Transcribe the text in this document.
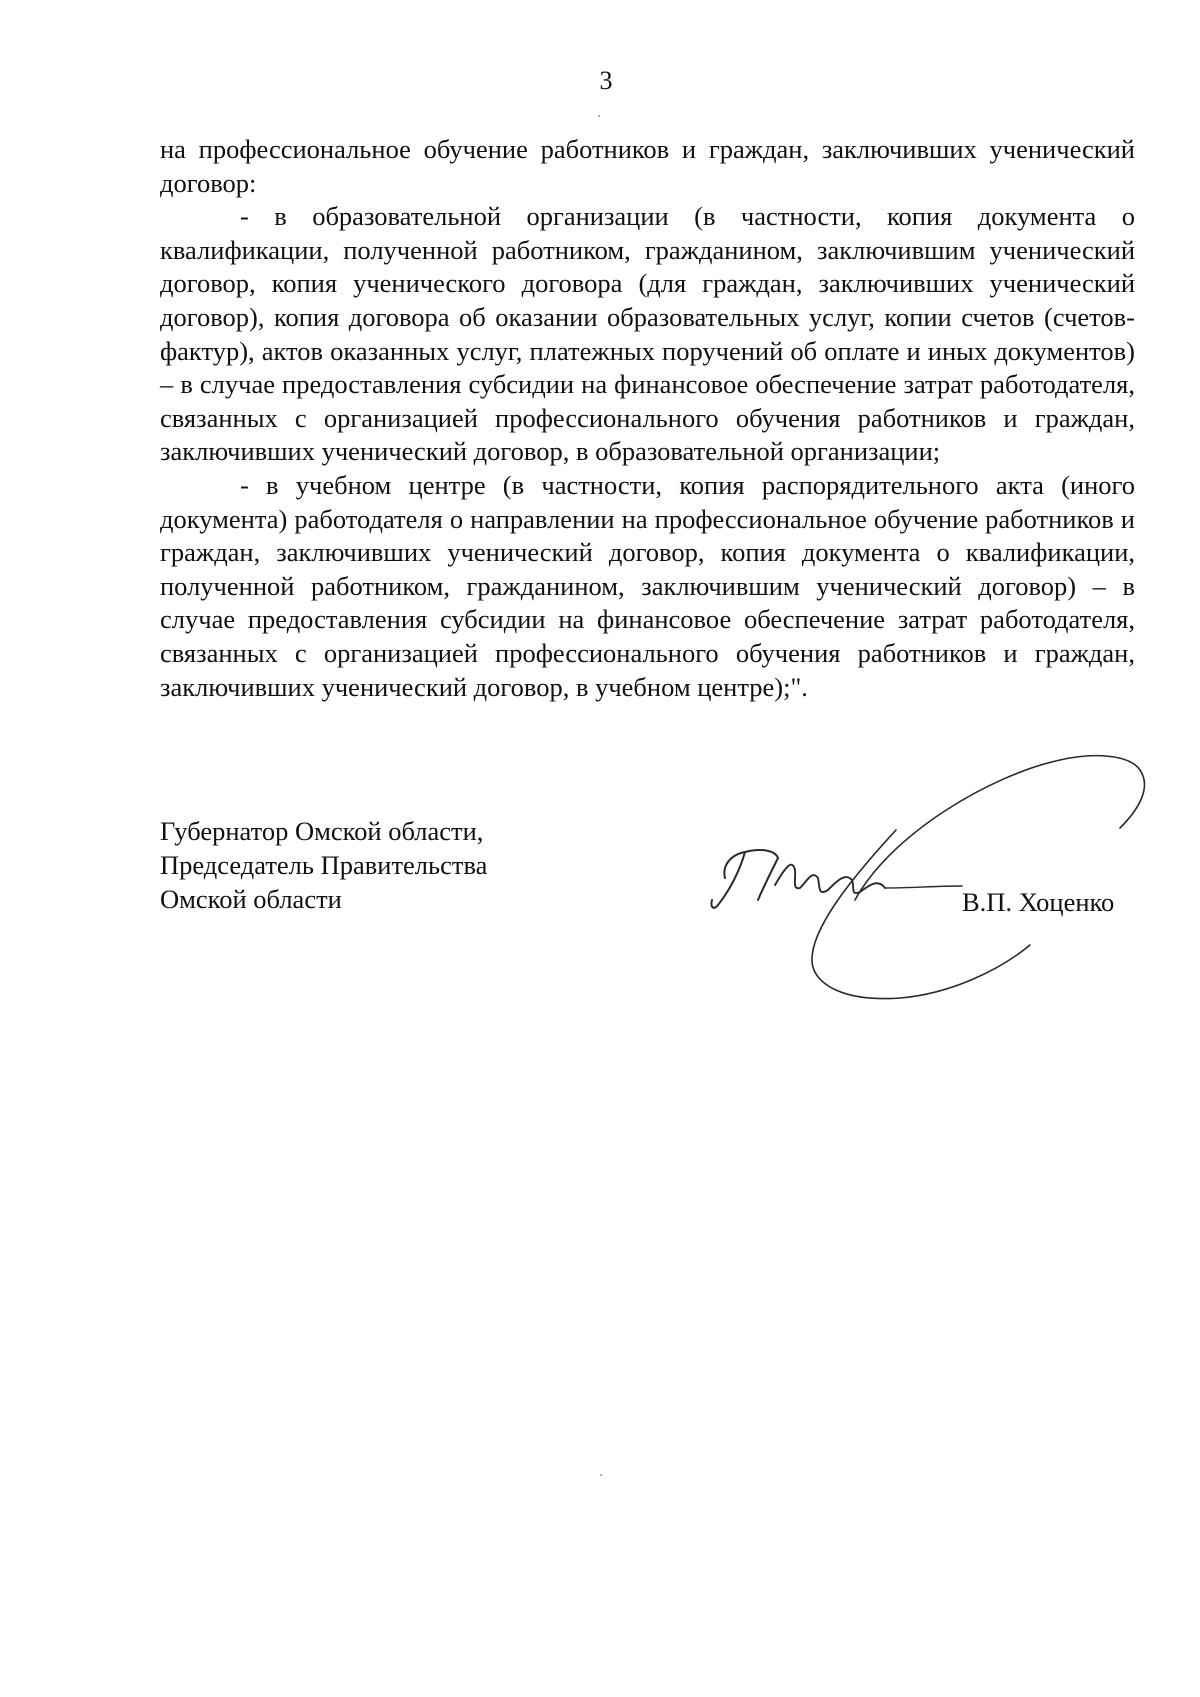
3

на профессиональное обучение работников и граждан, заключивших ученический договор:

- в образовательной организации (в частности, копия документа о квалификации, полученной работником, гражданином, заключившим ученический договор, копия ученического договора (для граждан, заключивших ученический договор), копия договора об оказании образовательных услуг, копии счетов (счетов-фактур), актов оказанных услуг, платежных поручений об оплате и иных документов) – в случае предоставления субсидии на финансовое обеспечение затрат работодателя, связанных с организацией профессионального обучения работников и граждан, заключивших ученический договор, в образовательной организации;

- в учебном центре (в частности, копия распорядительного акта (иного документа) работодателя о направлении на профессиональное обучение работников и граждан, заключивших ученический договор, копия документа о квалификации, полученной работником, гражданином, заключившим ученический договор) – в случае предоставления субсидии на финансовое обеспечение затрат работодателя, связанных с организацией профессионального обучения работников и граждан, заключивших ученический договор, в учебном центре);".

Губернатор Омской области,
Председатель Правительства
Омской области	В.П. Хоценко
